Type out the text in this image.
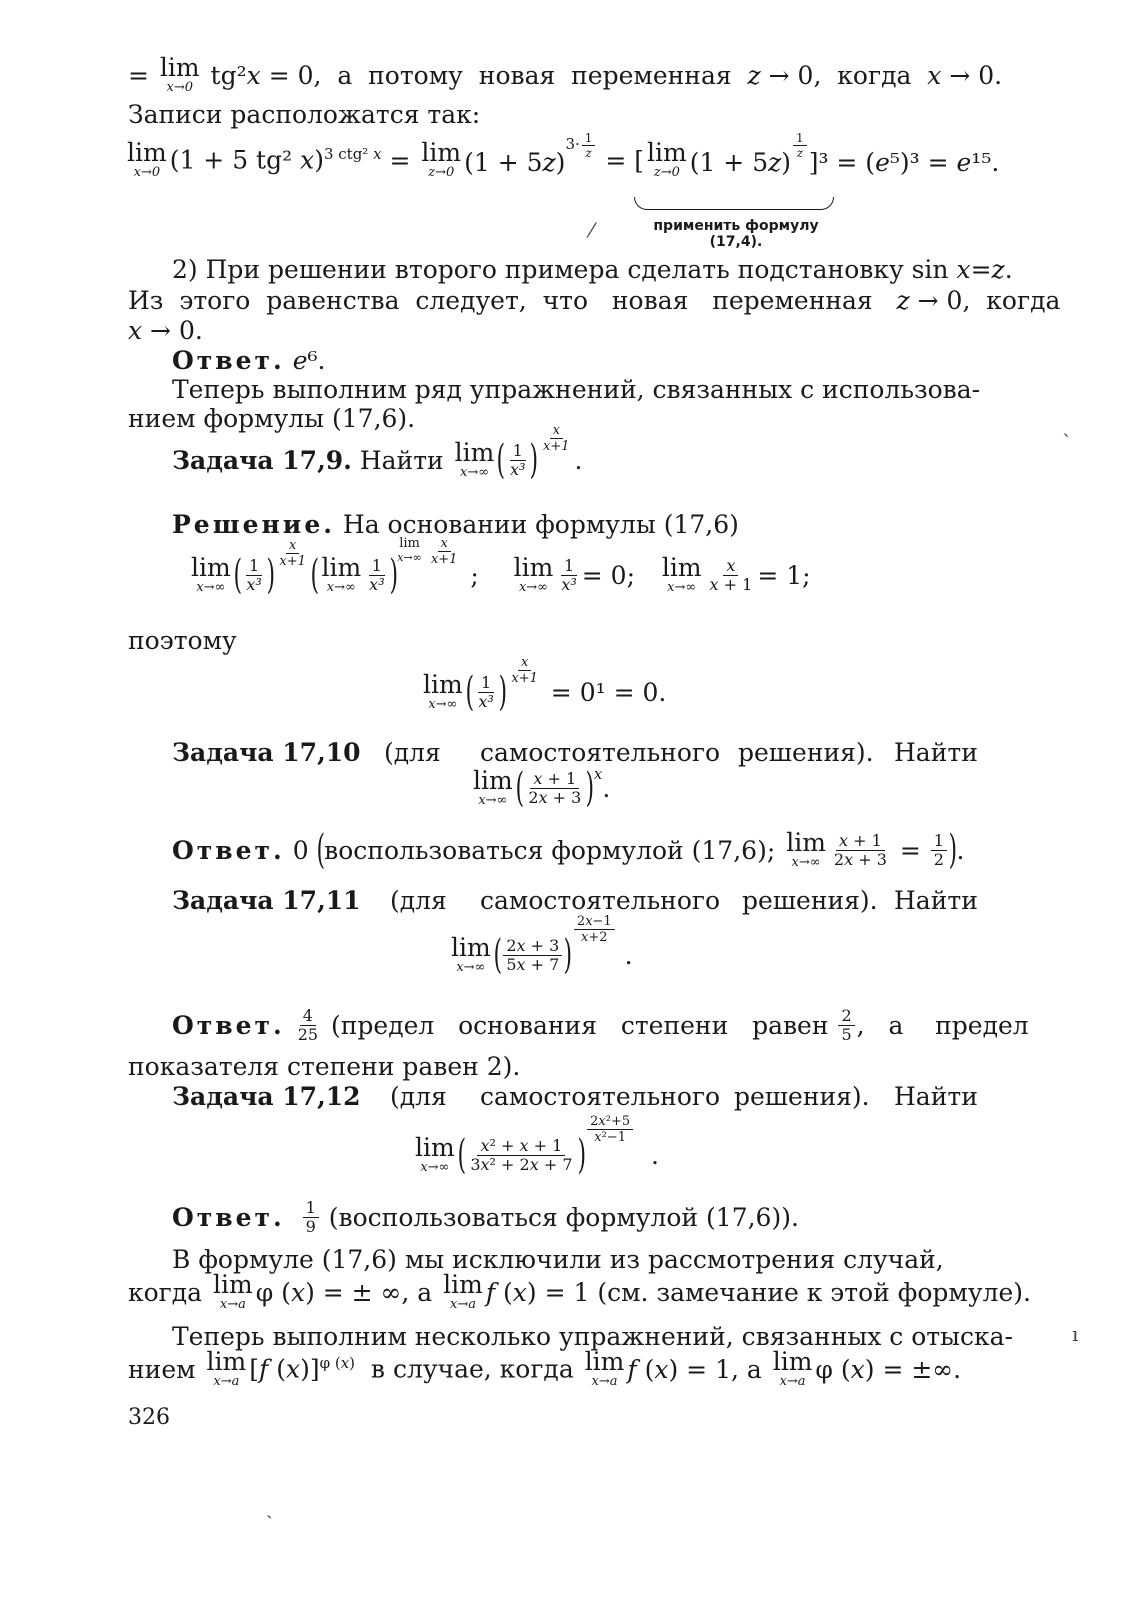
= lim
x→0 tg²x = 0,  а  потому  новая  переменная  z → 0,  когда  x → 0.
Записи расположатся так:
lim
x→0 (1 + 5 tg² x)$^{3 ctg^2 x}$ = lim
z→0 $(1 + 5z)^{3\cdot \frac{1}{z}}$
= [ lim
z→0 (1 + 5z)
$^{\frac{1}{z}}$
]³ = (e⁵)³ = e¹⁵.
применить формулу
(17,4).
⁄
2) При решении второго примера сделать подстановку sin x=z.
Из  этого  равенства  следует,  что   новая   переменная   z → 0,  когда
x → 0.
Ответ. e⁶.
Теперь выполним ряд упражнений, связанных с использова-
нием формулы (17,6).
Задача 17,9.
Найти
lim
x→∞ ( $\frac{1}{\text{x³}}$ ) $^{\frac{x}{x+1}}$
.
Решение. На основании формулы (17,6)
lim
x→∞ ( $\frac{1}{\text{x³}}$ ) $^{\frac{x}{x+1}}$ ( lim
$x\to\infty \frac{1}{\text{x³}}$ )
$^{lim x\to\infty \frac{x}{x+1}}$
; lim
$x\to\infty \frac{1}{\text{x³}} = 0$; lim
$x\to\infty \frac{x}{x + 1} = 1$;
поэтому
lim
x→∞ ( $\frac{1}{\text{x³}}$ ) $^{\frac{x}{x+1}}$
= 0¹ = 0.
Задача 17,10 (для самостоятельного решения). Найти
lim
x→∞ ( $\frac{x + 1}{2x + 3} )^x$ .
Ответ. 0 ( воспользоваться формулой (17,6); lim
$x\to\infty \frac{x + 1}{2x + 3} = \frac{1}{2}$ ) .
Задача 17,11 (для самостоятельного решения). Найти
lim
x→∞ ( $\frac{2x + 3}{5x + 7}$ )
$^{\frac{2x-1}{x+2}}$
.
Ответ.
$\frac{4}{25}$ (предел   основания   степени   равен $\frac{2}{5}$ ,   а    предел
показателя степени равен 2).
Задача 17,12 (для самостоятельного решения). Найти
lim
x→∞ ( $\frac{\text{x² + x + 1}}{\text{3x² + 2x + 7}}$ )
$^{\frac{\text{2x²+5}}{\text{x²−1}}}$
.
Ответ.
$\frac{1}{9}$
(воспользоваться формулой (17,6)).
В формуле (17,6) мы исключили из рассмотрения случай,
когда lim
x→a φ (x) = ± ∞, а lim
x→a f (x) = 1 (см. замечание к этой формуле).
Теперь выполним несколько упражнений, связанных с отыска-
нием lim
x→a [f (x)]$^{\varphi (x)}$  в случае, когда lim
x→a f (x) = 1, а lim
x→a φ (x) = ±∞.
326
ˋ
ı
ˏ
